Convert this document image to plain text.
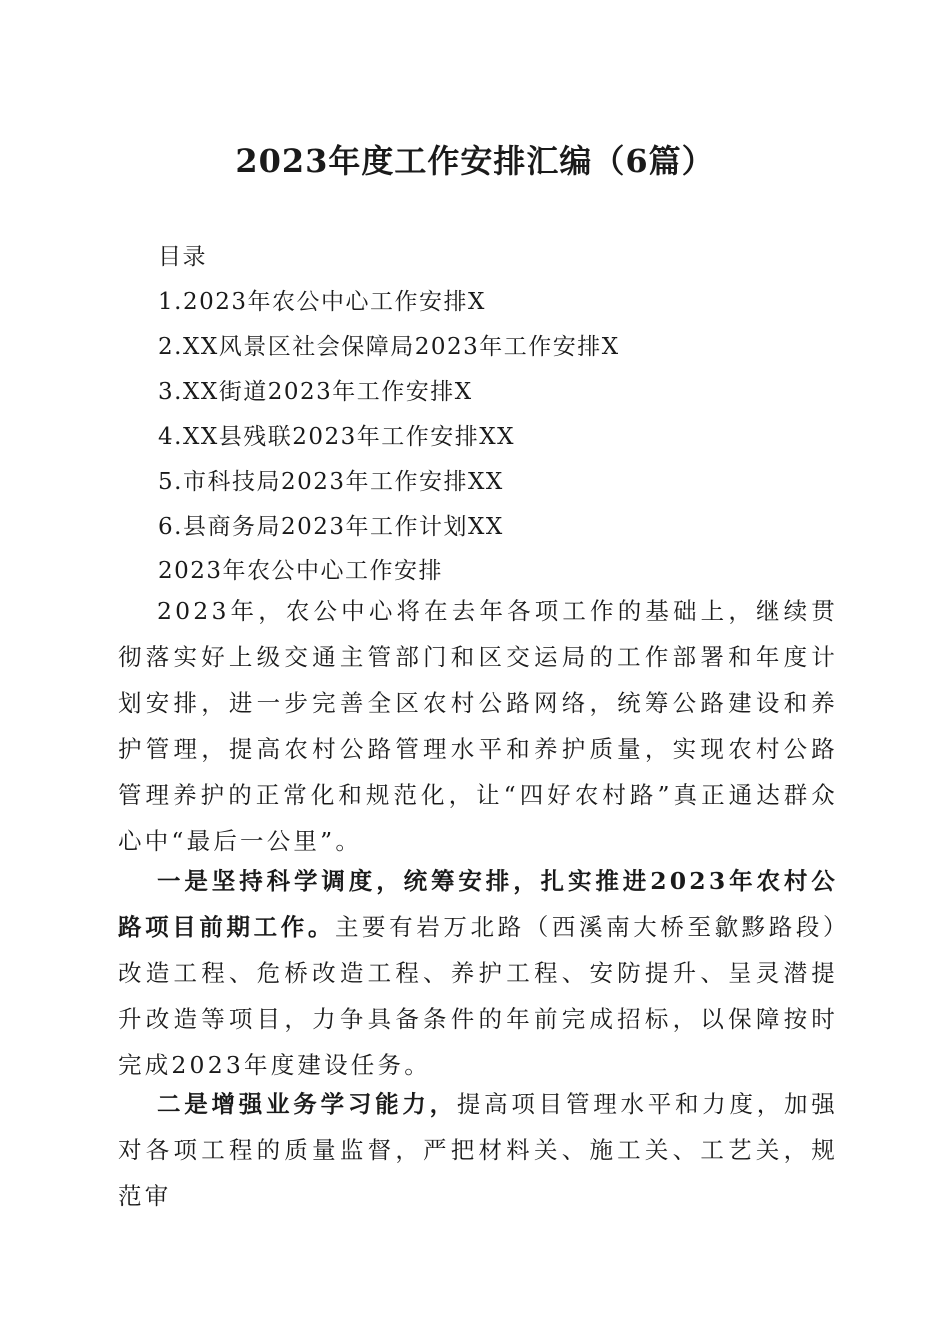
2023年度工作安排汇编（6篇）
目录
1.2023年农公中心工作安排X
2.XX风景区社会保障局2023年工作安排X
3.XX街道2023年工作安排X
4.XX县残联2023年工作安排XX
5.市科技局2023年工作安排XX
6.县商务局2023年工作计划XX
2023年农公中心工作安排
2023年，农公中心将在去年各项工作的基础上，继续贯彻落实好上级交通主管部门和区交运局的工作部署和年度计划安排，进一步完善全区农村公路网络，统筹公路建设和养护管理，提高农村公路管理水平和养护质量，实现农村公路管理养护的正常化和规范化，让“四好农村路”真正通达群众心中“最后一公里”。
一是坚持科学调度，统筹安排，扎实推进2023年农村公路项目前期工作。主要有岩万北路（西溪南大桥至歙黟路段）改造工程、危桥改造工程、养护工程、安防提升、呈灵潜提升改造等项目，力争具备条件的年前完成招标，以保障按时完成2023年度建设任务。
二是增强业务学习能力，提高项目管理水平和力度，加强对各项工程的质量监督，严把材料关、施工关、工艺关，规范审
